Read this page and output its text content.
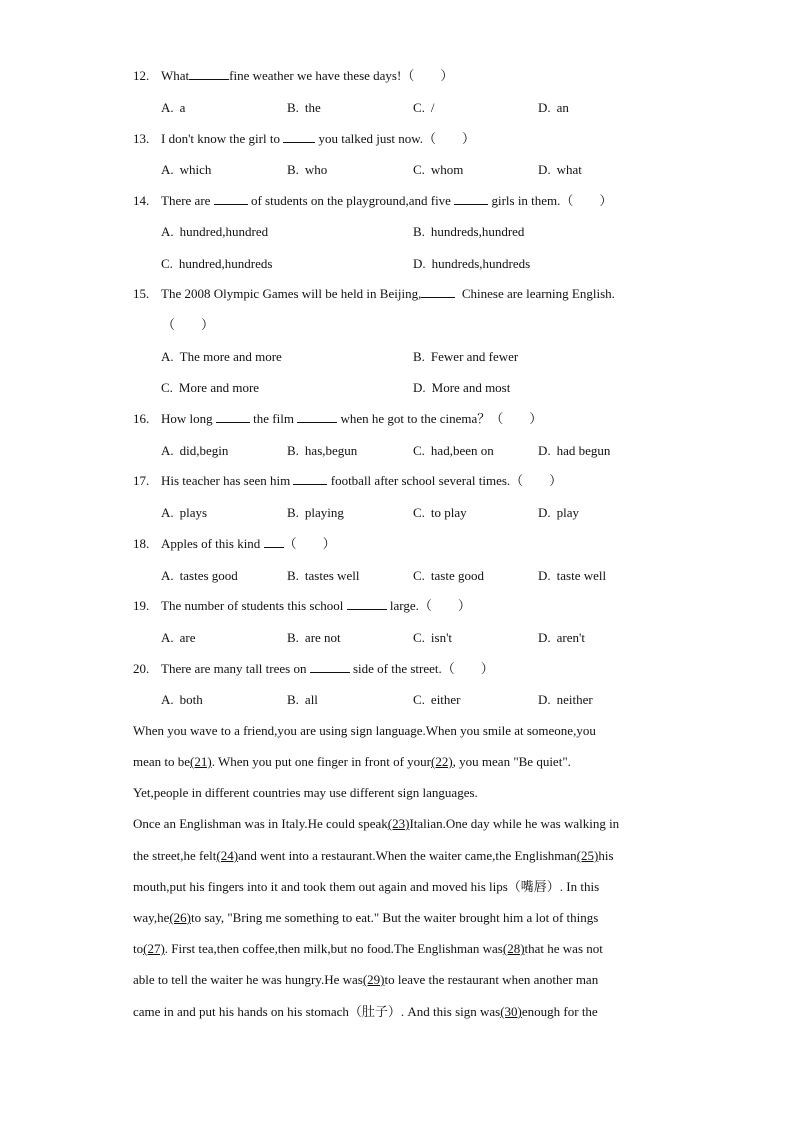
12. What	fine weather we have these days!（　　）
A. a	B. the	C. /	D. an
13. I don't know the girl to	you talked just now.（　　）
A. which	B. who	C. whom	D. what
14. There are	of students on the playground,and five	girls in them.（　　）
A. hundred,hundred	B. hundreds,hundred
C. hundred,hundreds	D. hundreds,hundreds
15. The 2008 Olympic Games will be held in Beijing,	Chinese are learning English.
（　　）
A. The more and more	B. Fewer and fewer
C. More and more	D. More and most
16. How long	the film	when he got to the cinema？（　　）
A. did,begin	B. has,begun	C. had,been on	D. had begun
17. His teacher has seen him	football after school several times.（　　）
A. plays	B. playing	C. to play	D. play
18. Apples of this kind （　　）
A. tastes good	B. tastes well	C. taste good	D. taste well
19. The number of students this school	large.（　　）
A. are	B. are not	C. isn't	D. aren't
20. There are many tall trees on	side of the street.（　　）
A. both	B. all	C. either	D. neither
When you wave to a friend,you are using sign language.When you smile at someone,you
mean to be(21). When you put one finger in front of your(22), you mean "Be quiet".
Yet,people in different countries may use different sign languages.
Once an Englishman was in Italy.He could speak(23)Italian.One day while he was walking in
the street,he felt(24)and went into a restaurant.When the waiter came,the Englishman(25)his
mouth,put his fingers into it and took them out again and moved his lips（嘴唇）. In this
way,he(26)to say, "Bring me something to eat." But the waiter brought him a lot of things
to(27). First tea,then coffee,then milk,but no food.The Englishman was(28)that he was not
able to tell the waiter he was hungry.He was(29)to leave the restaurant when another man
came in and put his hands on his stomach（肚子）. And this sign was(30)enough for the
